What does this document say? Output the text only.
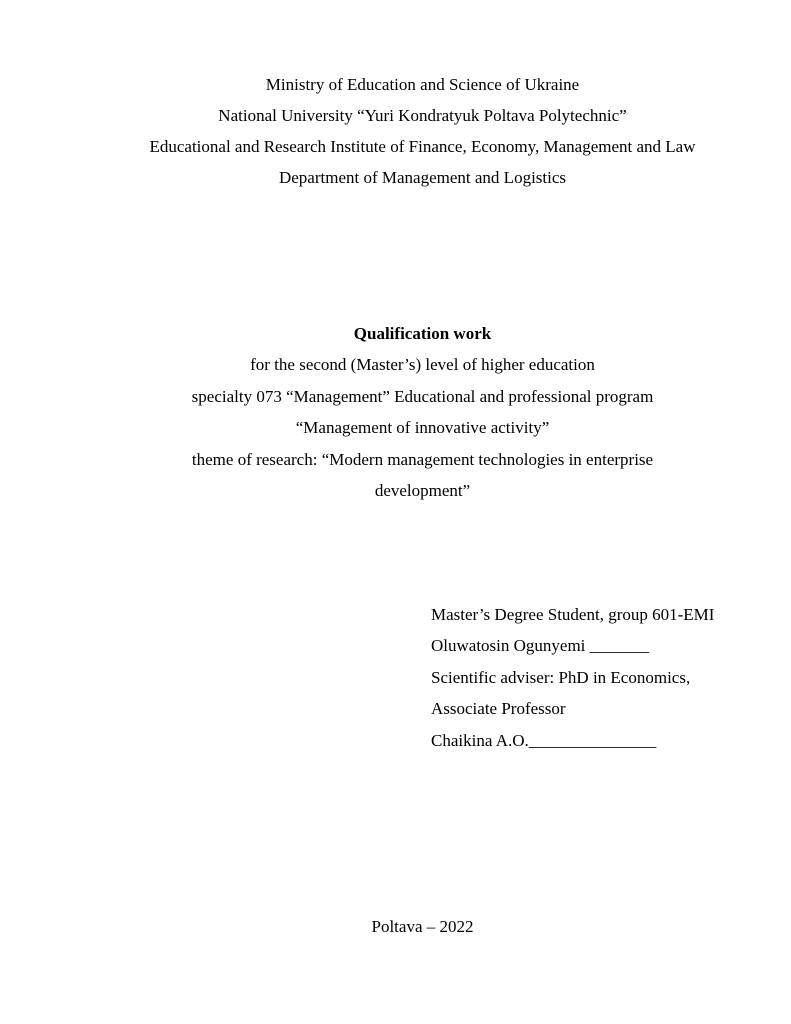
Ministry of Education and Science of Ukraine
National University “Yuri Kondratyuk Poltava Polytechnic”
Educational and Research Institute of Finance, Economy, Management and Law
Department of Management and Logistics
Qualification work
for the second (Master’s) level of higher education
specialty 073 “Management” Educational and professional program
“Management of innovative activity”
theme of research: “Modern management technologies in enterprise
development”
Master’s Degree Student, group 601-EMI
Oluwatosin Ogunyemi _______
Scientific adviser: PhD in Economics,
Associate Professor
Chaikina A.O._______________
Poltava – 2022
